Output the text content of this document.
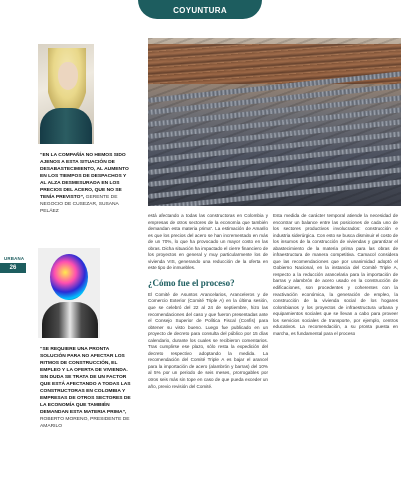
COYUNTURA
“EN LA COMPAÑÍA NO HEMOS SIDO AJENOS A ESTA SITUACIÓN DE DESABASTECIMIENTO, AL AUMENTO EN LOS TIEMPOS DE DESPACHOS Y AL ALZA DESMESURADA EN LOS PRECIOS DEL ACERO, QUE NO SE TENÍA PREVISTO”, GERENTE DE NEGOCIO DE CUSEZAR, SUSANA PELÁEZ
URBANA
26
“SE REQUIERE UNA PRONTA SOLUCIÓN PARA NO AFECTAR LOS RITMOS DE CONSTRUCCIÓN, EL EMPLEO Y LA OFERTA DE VIVIENDA. SIN DUDA SE TRATA DE UN FACTOR QUE ESTÁ AFECTANDO A TODAS LAS CONSTRUCTORAS EN COLOMBIA Y EMPRESAS DE OTROS SECTORES DE LA ECONOMÍA QUE TAMBIÉN DEMANDAN ESTA MATERIA PRIMA”, ROBERTO MORENO, PRESIDENTE DE AMARILO

está afectando a todas las constructoras en Colombia y empresas de otros sectores de la economía que también demandan esta materia prima”. La estimación de Amarilo es que los precios del acero se han incrementado en más de un 70%, lo que ha provocado un mayor costo en las obras. Dicha situación ha impactado el cierre financiero de los proyectos en general y muy particularmente los de vivienda VIS, generando una reducción de la oferta en este tipo de inmuebles.

¿Cómo fue el proceso?

El Comité de Asuntos Arancelarios, Aranceleros y de Comercio Exterior (Comité Triple A) en la última sesión, que se celebró del 22 al 24 de septiembre, hizo las recomendaciones del caso y que fueron presentadas ante el Consejo Superior de Política Fiscal (Confis) para obtener su visto bueno. Luego fue publicado en un proyecto de decreto para consulta del público por 15 días calendario, durante los cuales se recibieron comentarios. Tras cumplirse ese plazo, sólo resta la expedición del decreto respectivo adoptando la medida. La recomendación del Comité Triple A es bajar el arancel para la importación de acero (alambrón y barras) del 10% al 5% por un periodo de seis meses, prorrogables por otros seis más sin tope en caso de que pueda exceder un año, previo revisión del Comité.

Esta medida de carácter temporal atiende la necesidad de encontrar un balance entre las posiciones de cada uno de los sectores productivos involucrados: construcción e industria siderúrgica. Con esto se busca disminuir el costo de los insumos de la construcción de viviendas y garantizar el abastecimiento de la materia prima para las obras de infraestructura de manera competitiva. Camacol considera que las recomendaciones que por unanimidad adoptó el Gobierno Nacional, en la instancia del Comité Triple A, respecto a la reducción arancelaria para la importación de barras y alambrón de acero usado en la construcción de edificaciones, son procedentes y coherentes con la reactivación económica, la generación de empleo, la construcción de la vivienda social de los hogares colombianos y los proyectos de infraestructura urbana y equipamientos sociales que se llevan a cabo para proveer los servicios sociales de transporte, por ejemplo, centros educativos. La recomendación, a su pronta puesta en marcha, es fundamental para el proceso
